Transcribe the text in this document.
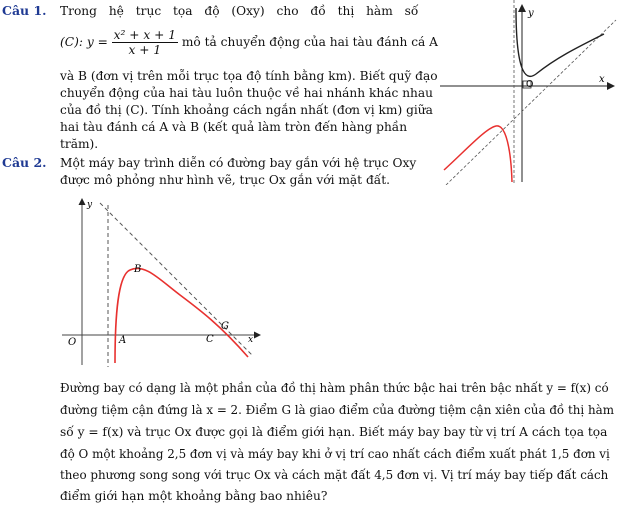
Câu 1. Trong hệ trục tọa độ (Oxy) cho đồ thị hàm số
(C): $y = \frac{\text{x² + x + 1}}{x + 1}$ mô tả chuyển động của hai tàu đánh cá A
và B (đơn vị trên mỗi trục tọa độ tính bằng km). Biết quỹ đạo
chuyển động của hai tàu luôn thuộc về hai nhánh khác nhau
của đồ thị (C). Tính khoảng cách ngắn nhất (đơn vị km) giữa
hai tàu đánh cá A và B (kết quả làm tròn đến hàng phần
trăm).
y
x
O
Câu 2. Một máy bay trình diễn có đường bay gắn với hệ trục Oxy
được mô phỏng như hình vẽ, trục Ox gắn với mặt đất.
O
y
x
A
B
C
G
Đường bay có dạng là một phần của đồ thị hàm phân thức bậc hai trên bậc nhất y = f(x) có
đường tiệm cận đứng là x = 2. Điểm G là giao điểm của đường tiệm cận xiên của đồ thị hàm
số y = f(x) và trục Ox được gọi là điểm giới hạn. Biết máy bay bay từ vị trí A cách tọa tọa
độ O một khoảng 2,5 đơn vị và máy bay khi ở vị trí cao nhất cách điểm xuất phát 1,5 đơn vị
theo phương song song với trục Ox và cách mặt đất 4,5 đơn vị. Vị trí máy bay tiếp đất cách
điểm giới hạn một khoảng bằng bao nhiêu?
